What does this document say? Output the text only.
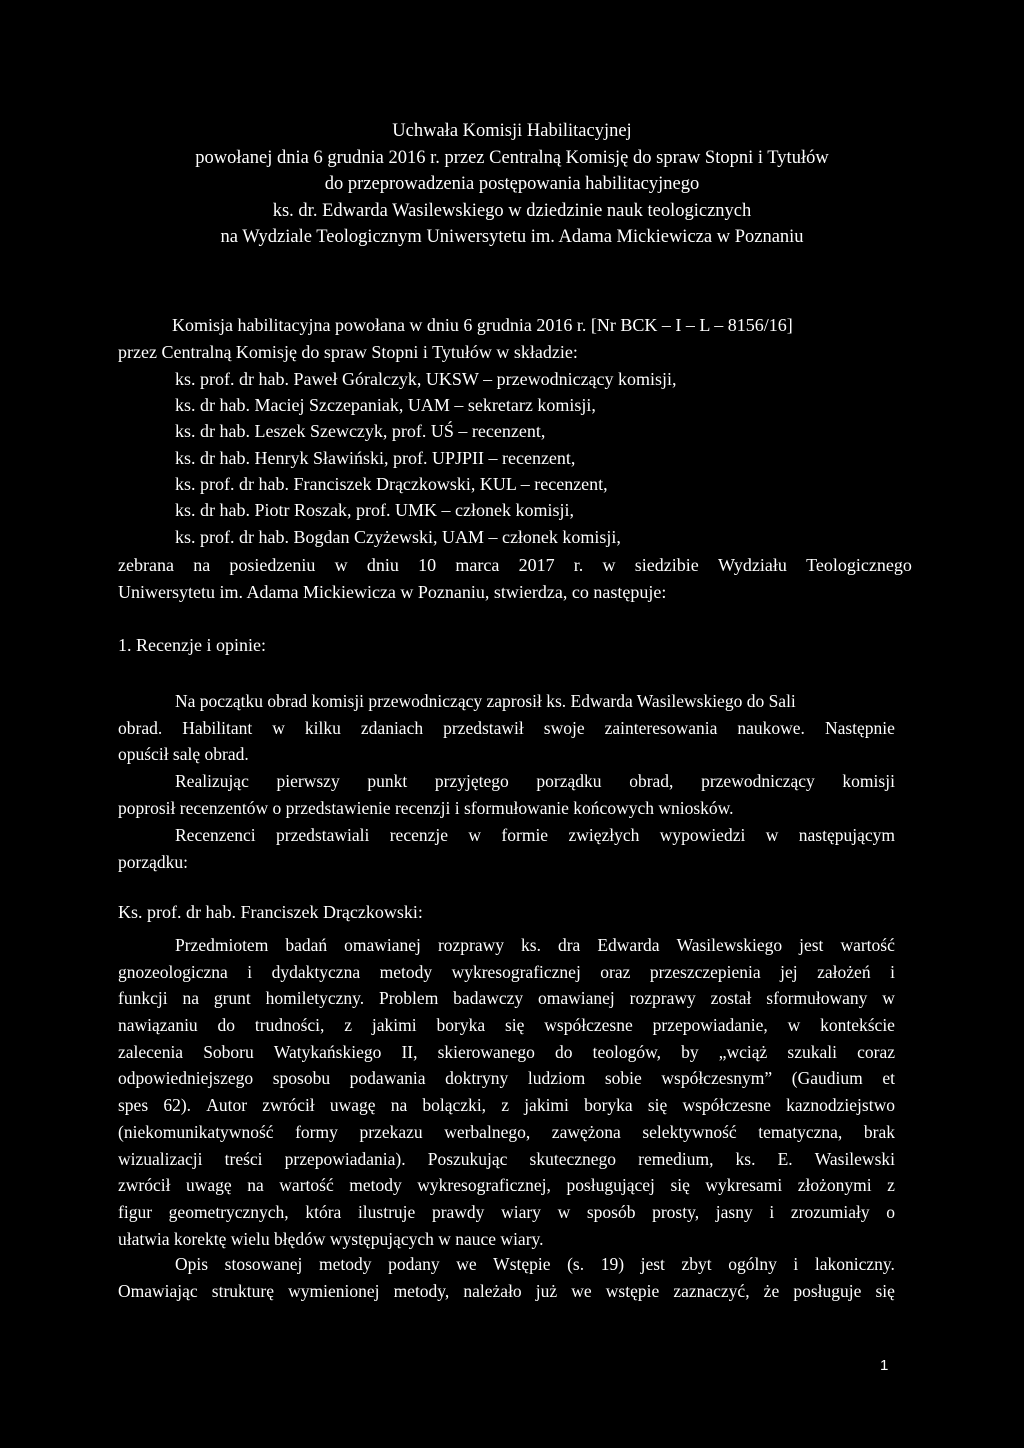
Uchwała Komisji Habilitacyjnej
powołanej dnia 6 grudnia 2016 r. przez Centralną Komisję do spraw Stopni i Tytułów
do przeprowadzenia postępowania habilitacyjnego
ks. dr. Edwarda Wasilewskiego w dziedzinie nauk teologicznych
na Wydziale Teologicznym Uniwersytetu im. Adama Mickiewicza w Poznaniu
Komisja habilitacyjna powołana w dniu 6 grudnia 2016 r. [Nr BCK – I – L – 8156/16]
przez Centralną Komisję do spraw Stopni i Tytułów w składzie:
ks. prof. dr hab. Paweł Góralczyk, UKSW – przewodniczący komisji,
ks. dr hab. Maciej Szczepaniak, UAM – sekretarz komisji,
ks. dr hab. Leszek Szewczyk, prof. UŚ – recenzent,
ks. dr hab. Henryk Sławiński, prof. UPJPII – recenzent,
ks. prof. dr hab. Franciszek Drączkowski, KUL – recenzent,
ks. dr hab. Piotr Roszak, prof. UMK – członek komisji,
ks. prof. dr hab. Bogdan Czyżewski, UAM – członek komisji,
zebrana na posiedzeniu w dniu 10 marca 2017 r. w siedzibie Wydziału Teologicznego
Uniwersytetu im. Adama Mickiewicza w Poznaniu, stwierdza, co następuje:
1. Recenzje i opinie:
Na początku obrad komisji przewodniczący zaprosił ks. Edwarda Wasilewskiego do Sali
obrad. Habilitant w kilku zdaniach przedstawił swoje zainteresowania naukowe. Następnie
opuścił salę obrad.
Realizując pierwszy punkt przyjętego porządku obrad, przewodniczący komisji
poprosił recenzentów o przedstawienie recenzji i sformułowanie końcowych wniosków.
Recenzenci przedstawiali recenzje w formie zwięzłych wypowiedzi w następującym
porządku:
Ks. prof. dr hab. Franciszek Drączkowski:
Przedmiotem badań omawianej rozprawy ks. dra Edwarda Wasilewskiego jest wartość
gnozeologiczna i dydaktyczna metody wykresograficznej oraz przeszczepienia jej założeń i
funkcji na grunt homiletyczny. Problem badawczy omawianej rozprawy został sformułowany w
nawiązaniu do trudności, z jakimi boryka się współczesne przepowiadanie, w kontekście
zalecenia Soboru Watykańskiego II, skierowanego do teologów, by „wciąż szukali coraz
odpowiedniejszego sposobu podawania doktryny ludziom sobie współczesnym” (Gaudium et
spes 62). Autor zwrócił uwagę na bolączki, z jakimi boryka się współczesne kaznodziejstwo
(niekomunikatywność formy przekazu werbalnego, zawężona selektywność tematyczna, brak
wizualizacji treści przepowiadania). Poszukując skutecznego remedium, ks. E. Wasilewski
zwrócił uwagę na wartość metody wykresograficznej, posługującej się wykresami złożonymi z
figur geometrycznych, która ilustruje prawdy wiary w sposób prosty, jasny i zrozumiały o
ułatwia korektę wielu błędów występujących w nauce wiary.
Opis stosowanej metody podany we Wstępie (s. 19) jest zbyt ogólny i lakoniczny.
Omawiając strukturę wymienionej metody, należało już we wstępie zaznaczyć, że posługuje się
1
